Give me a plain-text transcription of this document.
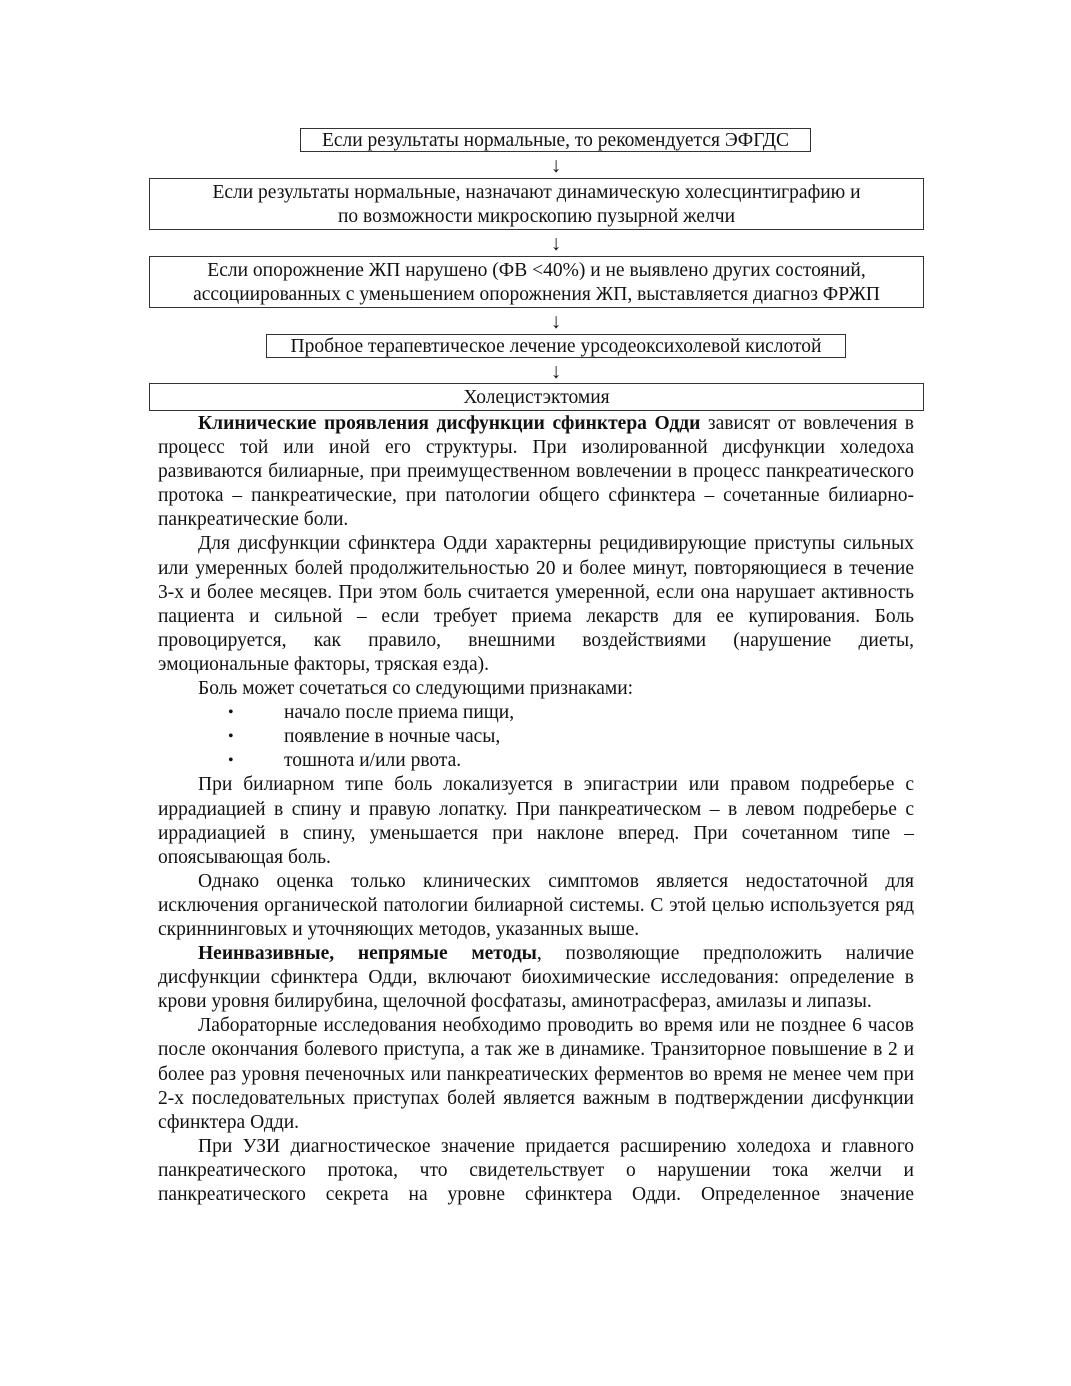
Если результаты нормальные, то рекомендуется ЭФГДС
↓
Если результаты нормальные, назначают динамическую холесцинтиграфию и
по возможности микроскопию пузырной желчи
↓
Если опорожнение ЖП нарушено (ФВ <40%) и не выявлено других состояний,
ассоциированных с уменьшением опорожнения ЖП, выставляется диагноз ФРЖП
↓
Пробное терапевтическое лечение урсодеоксихолевой кислотой
↓
Холецистэктомия

Клинические проявления дисфункции сфинктера Одди зависят от вовлечения в процесс той или иной его структуры. При изолированной дисфункции холедоха развиваются билиарные, при преимущественном вовлечении в процесс панкреатического протока – панкреатические, при патологии общего сфинктера – сочетанные билиарно-панкреатические боли.

Для дисфункции сфинктера Одди характерны рецидивирующие приступы сильных или умеренных болей продолжительностью 20 и более минут, повторяющиеся в течение 3-х и более месяцев. При этом боль считается умеренной, если она нарушает активность пациента и сильной – если требует приема лекарств для ее купирования. Боль провоцируется, как правило, внешними воздействиями (нарушение диеты, эмоциональные факторы, тряская езда).

Боль может сочетаться со следующими признаками:

•	начало после приема пищи,
•	появление в ночные часы,
•	тошнота и/или рвота.

При билиарном типе боль локализуется в эпигастрии или правом подреберье с иррадиацией в спину и правую лопатку. При панкреатическом – в левом подреберье с иррадиацией в спину, уменьшается при наклоне вперед. При сочетанном типе – опоясывающая боль.

Однако оценка только клинических симптомов является недостаточной для исключения органической патологии билиарной системы. С этой целью используется ряд скриннинговых и уточняющих методов, указанных выше.

Неинвазивные, непрямые методы, позволяющие предположить наличие дисфункции сфинктера Одди, включают биохимические исследования: определение в крови уровня билирубина, щелочной фосфатазы, аминотрасфераз, амилазы и липазы.

Лабораторные исследования необходимо проводить во время или не позднее 6 часов после окончания болевого приступа, а так же в динамике. Транзиторное повышение в 2 и более раз уровня печеночных или панкреатических ферментов во время не менее чем при 2-х последовательных приступах болей является важным в подтверждении дисфункции сфинктера Одди.

При УЗИ диагностическое значение придается расширению холедоха и главного панкреатического протока, что свидетельствует о нарушении тока желчи и панкреатического секрета на уровне сфинктера Одди. Определенное значение
